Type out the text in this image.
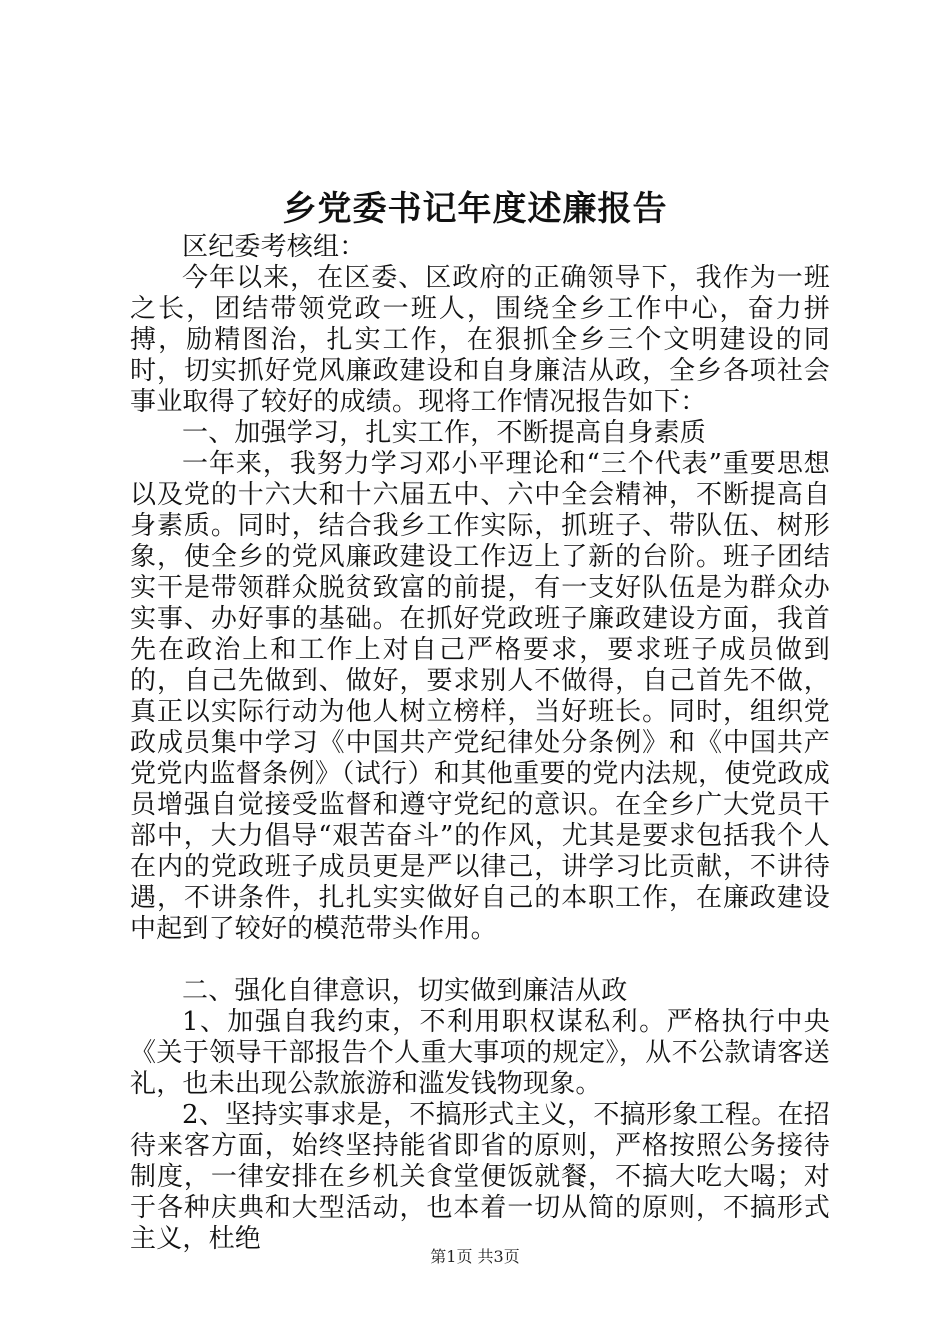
乡党委书记年度述廉报告

区纪委考核组：

今年以来，在区委、区政府的正确领导下，我作为一班之长，团结带领党政一班人，围绕全乡工作中心，奋力拼搏，励精图治，扎实工作，在狠抓全乡三个文明建设的同时，切实抓好党风廉政建设和自身廉洁从政，全乡各项社会事业取得了较好的成绩。现将工作情况报告如下：

一、加强学习，扎实工作，不断提高自身素质

一年来，我努力学习邓小平理论和“三个代表”重要思想以及党的十六大和十六届五中、六中全会精神，不断提高自身素质。同时，结合我乡工作实际，抓班子、带队伍、树形象，使全乡的党风廉政建设工作迈上了新的台阶。班子团结实干是带领群众脱贫致富的前提，有一支好队伍是为群众办实事、办好事的基础。在抓好党政班子廉政建设方面，我首先在政治上和工作上对自己严格要求，要求班子成员做到的，自己先做到、做好，要求别人不做得，自己首先不做，真正以实际行动为他人树立榜样，当好班长。同时，组织党政成员集中学习《中国共产党纪律处分条例》和《中国共产党党内监督条例》（试行）和其他重要的党内法规，使党政成员增强自觉接受监督和遵守党纪的意识。在全乡广大党员干部中，大力倡导“艰苦奋斗”的作风，尤其是要求包括我个人在内的党政班子成员更是严以律己，讲学习比贡献，不讲待遇，不讲条件，扎扎实实做好自己的本职工作，在廉政建设中起到了较好的模范带头作用。

二、强化自律意识，切实做到廉洁从政

1、加强自我约束，不利用职权谋私利。严格执行中央《关于领导干部报告个人重大事项的规定》，从不公款请客送礼，也未出现公款旅游和滥发钱物现象。

2、坚持实事求是，不搞形式主义，不搞形象工程。在招待来客方面，始终坚持能省即省的原则，严格按照公务接待制度，一律安排在乡机关食堂便饭就餐，不搞大吃大喝；对于各种庆典和大型活动，也本着一切从简的原则，不搞形式主义，杜绝

第1页 共3页
